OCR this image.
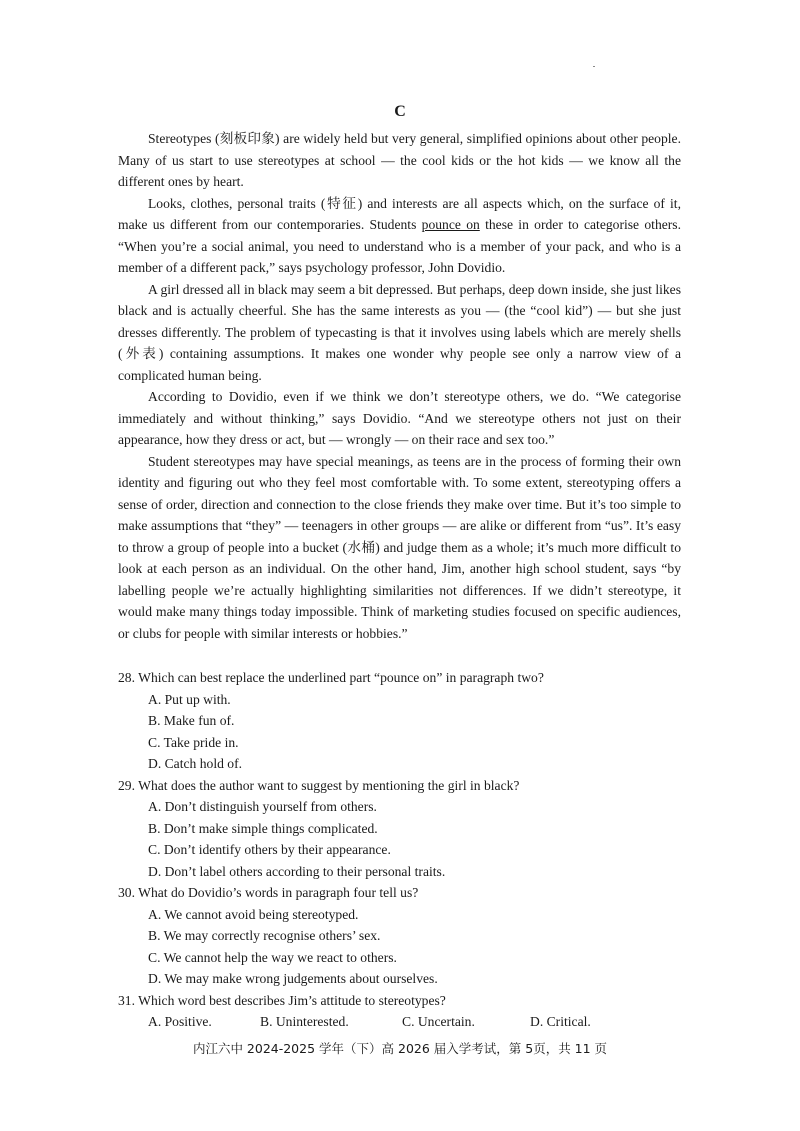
C

Stereotypes (刻板印象) are widely held but very general, simplified opinions about other people. Many of us start to use stereotypes at school — the cool kids or the hot kids — we know all the different ones by heart.

Looks, clothes, personal traits (特征) and interests are all aspects which, on the surface of it, make us different from our contemporaries. Students pounce on these in order to categorise others. “When you’re a social animal, you need to understand who is a member of your pack, and who is a member of a different pack,” says psychology professor, John Dovidio.

A girl dressed all in black may seem a bit depressed. But perhaps, deep down inside, she just likes black and is actually cheerful. She has the same interests as you — (the “cool kid”) — but she just dresses differently. The problem of typecasting is that it involves using labels which are merely shells (外表) containing assumptions. It makes one wonder why people see only a narrow view of a complicated human being.

According to Dovidio, even if we think we don’t stereotype others, we do. “We categorise immediately and without thinking,” says Dovidio. “And we stereotype others not just on their appearance, how they dress or act, but — wrongly — on their race and sex too.”

Student stereotypes may have special meanings, as teens are in the process of forming their own identity and figuring out who they feel most comfortable with. To some extent, stereotyping offers a sense of order, direction and connection to the close friends they make over time. But it’s too simple to make assumptions that “they” — teenagers in other groups — are alike or different from “us”. It’s easy to throw a group of people into a bucket (水桶) and judge them as a whole; it’s much more difficult to look at each person as an individual. On the other hand, Jim, another high school student, says “by labelling people we’re actually highlighting similarities not differences. If we didn’t stereotype, it would make many things today impossible. Think of marketing studies focused on specific audiences, or clubs for people with similar interests or hobbies.”

28. Which can best replace the underlined part “pounce on” in paragraph two?

A. Put up with.

B. Make fun of.

C. Take pride in.

D. Catch hold of.

29. What does the author want to suggest by mentioning the girl in black?

A. Don’t distinguish yourself from others.

B. Don’t make simple things complicated.

C. Don’t identify others by their appearance.

D. Don’t label others according to their personal traits.

30. What do Dovidio’s words in paragraph four tell us?

A. We cannot avoid being stereotyped.

B. We may correctly recognise others’ sex.

C. We cannot help the way we react to others.

D. We may make wrong judgements about ourselves.

31. Which word best describes Jim’s attitude to stereotypes?

A. Positive.	B. Uninterested.	C. Uncertain.	D. Critical.

内江六中 2024-2025 学年（下）高 2026 届入学考试，第 5页，共 11 页
